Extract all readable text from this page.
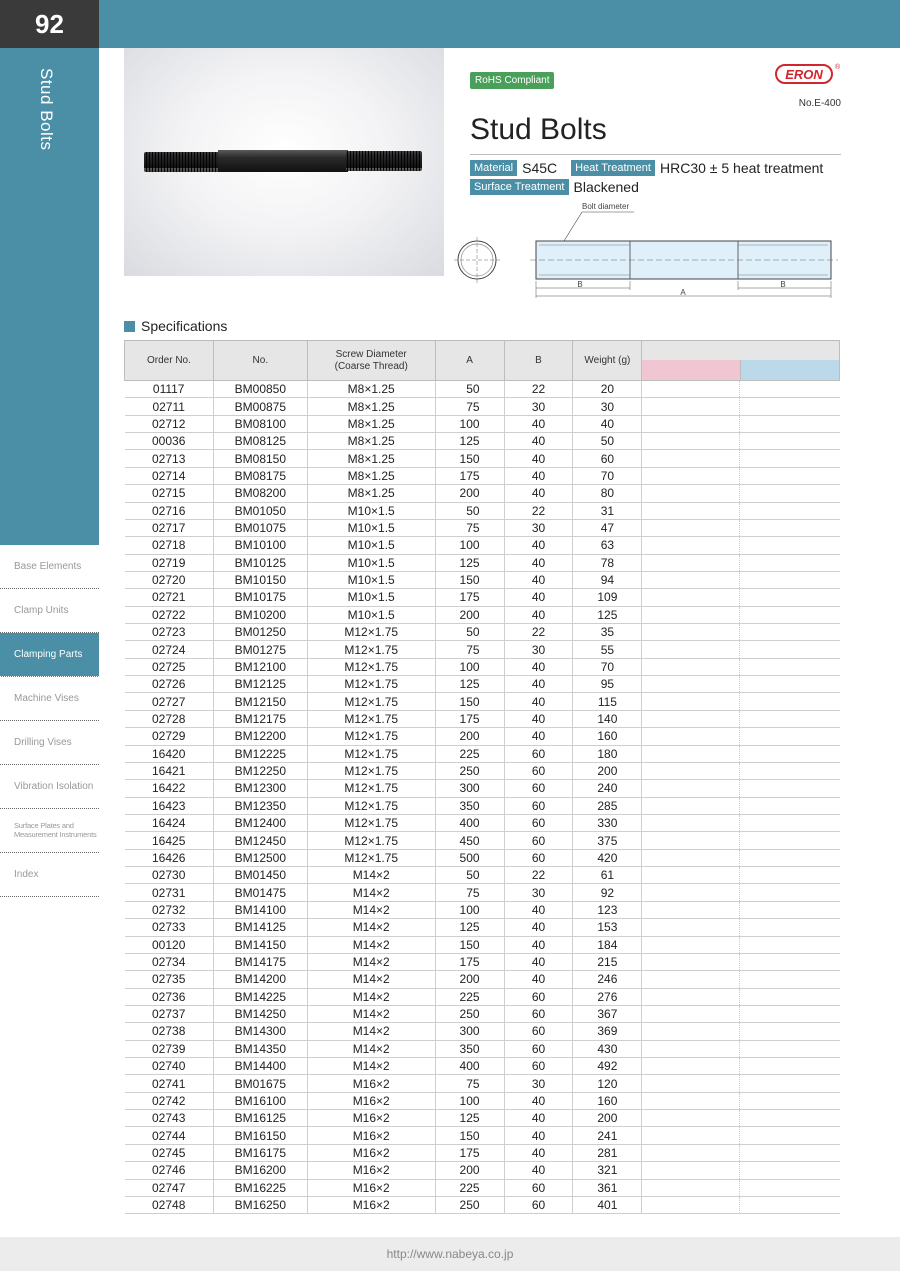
92
Stud Bolts
Base Elements
Clamp Units
Clamping Parts
Machine Vises
Drilling Vises
Vibration Isolation
Surface Plates and Measurement Instruments
Index
RoHS Compliant	ERON	®
No.E-400
Stud Bolts
Material S45C	Heat Treatment HRC30 ± 5 heat treatment
Surface Treatment Blackened
Bolt diameter
B	B
A
Specifications
Order No.	No.	Screw Diameter
(Coarse Thread)	A	B	Weight (g)		

01117	BM00850	M8×1.25	50	22	20		
02711	BM00875	M8×1.25	75	30	30		
02712	BM08100	M8×1.25	100	40	40		
00036	BM08125	M8×1.25	125	40	50		
02713	BM08150	M8×1.25	150	40	60		
02714	BM08175	M8×1.25	175	40	70		
02715	BM08200	M8×1.25	200	40	80		
02716	BM01050	M10×1.5	50	22	31		
02717	BM01075	M10×1.5	75	30	47		
02718	BM10100	M10×1.5	100	40	63		
02719	BM10125	M10×1.5	125	40	78		
02720	BM10150	M10×1.5	150	40	94		
02721	BM10175	M10×1.5	175	40	109		
02722	BM10200	M10×1.5	200	40	125		
02723	BM01250	M12×1.75	50	22	35		
02724	BM01275	M12×1.75	75	30	55		
02725	BM12100	M12×1.75	100	40	70		
02726	BM12125	M12×1.75	125	40	95		
02727	BM12150	M12×1.75	150	40	115		
02728	BM12175	M12×1.75	175	40	140		
02729	BM12200	M12×1.75	200	40	160		
16420	BM12225	M12×1.75	225	60	180		
16421	BM12250	M12×1.75	250	60	200		
16422	BM12300	M12×1.75	300	60	240		
16423	BM12350	M12×1.75	350	60	285		
16424	BM12400	M12×1.75	400	60	330		
16425	BM12450	M12×1.75	450	60	375		
16426	BM12500	M12×1.75	500	60	420		
02730	BM01450	M14×2	50	22	61		
02731	BM01475	M14×2	75	30	92		
02732	BM14100	M14×2	100	40	123		
02733	BM14125	M14×2	125	40	153		
00120	BM14150	M14×2	150	40	184		
02734	BM14175	M14×2	175	40	215		
02735	BM14200	M14×2	200	40	246		
02736	BM14225	M14×2	225	60	276		
02737	BM14250	M14×2	250	60	367		
02738	BM14300	M14×2	300	60	369		
02739	BM14350	M14×2	350	60	430		
02740	BM14400	M14×2	400	60	492		
02741	BM01675	M16×2	75	30	120		
02742	BM16100	M16×2	100	40	160		
02743	BM16125	M16×2	125	40	200		
02744	BM16150	M16×2	150	40	241		
02745	BM16175	M16×2	175	40	281		
02746	BM16200	M16×2	200	40	321		
02747	BM16225	M16×2	225	60	361		
02748	BM16250	M16×2	250	60	401		
http://www.nabeya.co.jp
